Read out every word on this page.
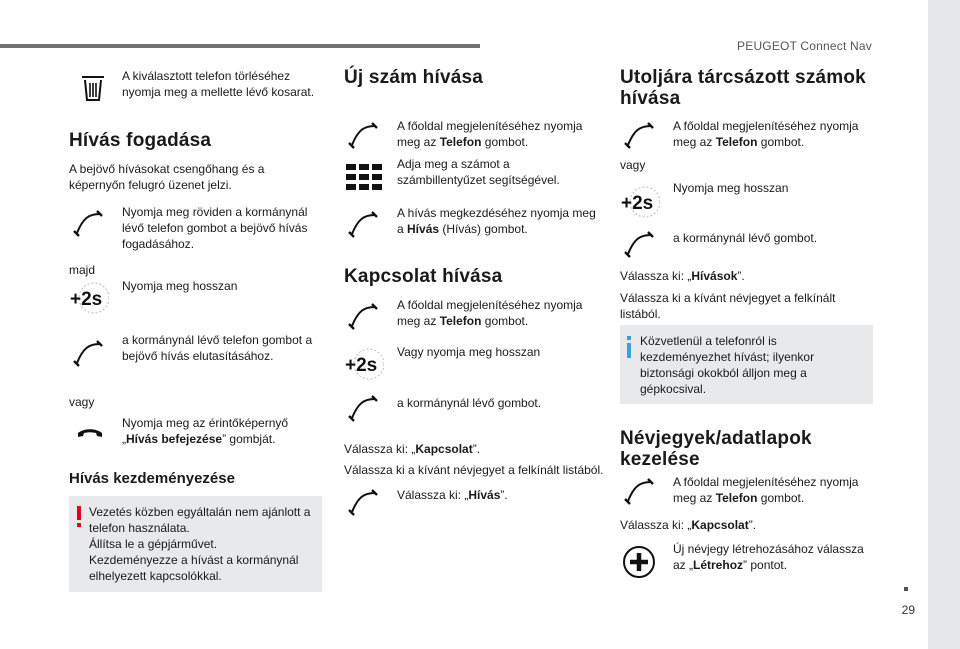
PEUGEOT Connect Nav
29
A kiválasztott telefon törléséhez nyomja meg a mellette lévő kosarat.
Hívás fogadása
A bejövő hívásokat csengőhang és a képernyőn felugró üzenet jelzi.
Nyomja meg röviden a kormánynál lévő telefon gombot a bejövő hívás fogadásához.
majd
+2s
Nyomja meg hosszan
a kormánynál lévő telefon gombot a bejövő hívás elutasításához.
vagy
Nyomja meg az érintőképernyő „Hívás befejezése” gombját.
Hívás kezdeményezése
Vezetés közben egyáltalán nem ajánlott a telefon használata.
Állítsa le a gépjárművet.
Kezdeményezze a hívást a kormánynál elhelyezett kapcsolókkal.
Új szám hívása
A főoldal megjelenítéséhez nyomja meg az Telefon gombot.
Adja meg a számot a számbillentyűzet segítségével.
A hívás megkezdéséhez nyomja meg a Hívás (Hívás) gombot.
Kapcsolat hívása
A főoldal megjelenítéséhez nyomja meg az Telefon gombot.
+2s
Vagy nyomja meg hosszan
a kormánynál lévő gombot.
Válassza ki: „Kapcsolat”.
Válassza ki a kívánt névjegyet a felkínált listából.
Válassza ki: „Hívás”.
Utoljára tárcsázott számok hívása
A főoldal megjelenítéséhez nyomja meg az Telefon gombot.
vagy
+2s
Nyomja meg hosszan
a kormánynál lévő gombot.
Válassza ki: „Hívások”.
Válassza ki a kívánt névjegyet a felkínált listából.
Közvetlenül a telefonról is kezdeményezhet hívást; ilyenkor biztonsági okokból álljon meg a gépkocsival.
Névjegyek/adatlapok kezelése
A főoldal megjelenítéséhez nyomja meg az Telefon gombot.
Válassza ki: „Kapcsolat”.
Új névjegy létrehozásához válassza az „Létrehoz” pontot.
